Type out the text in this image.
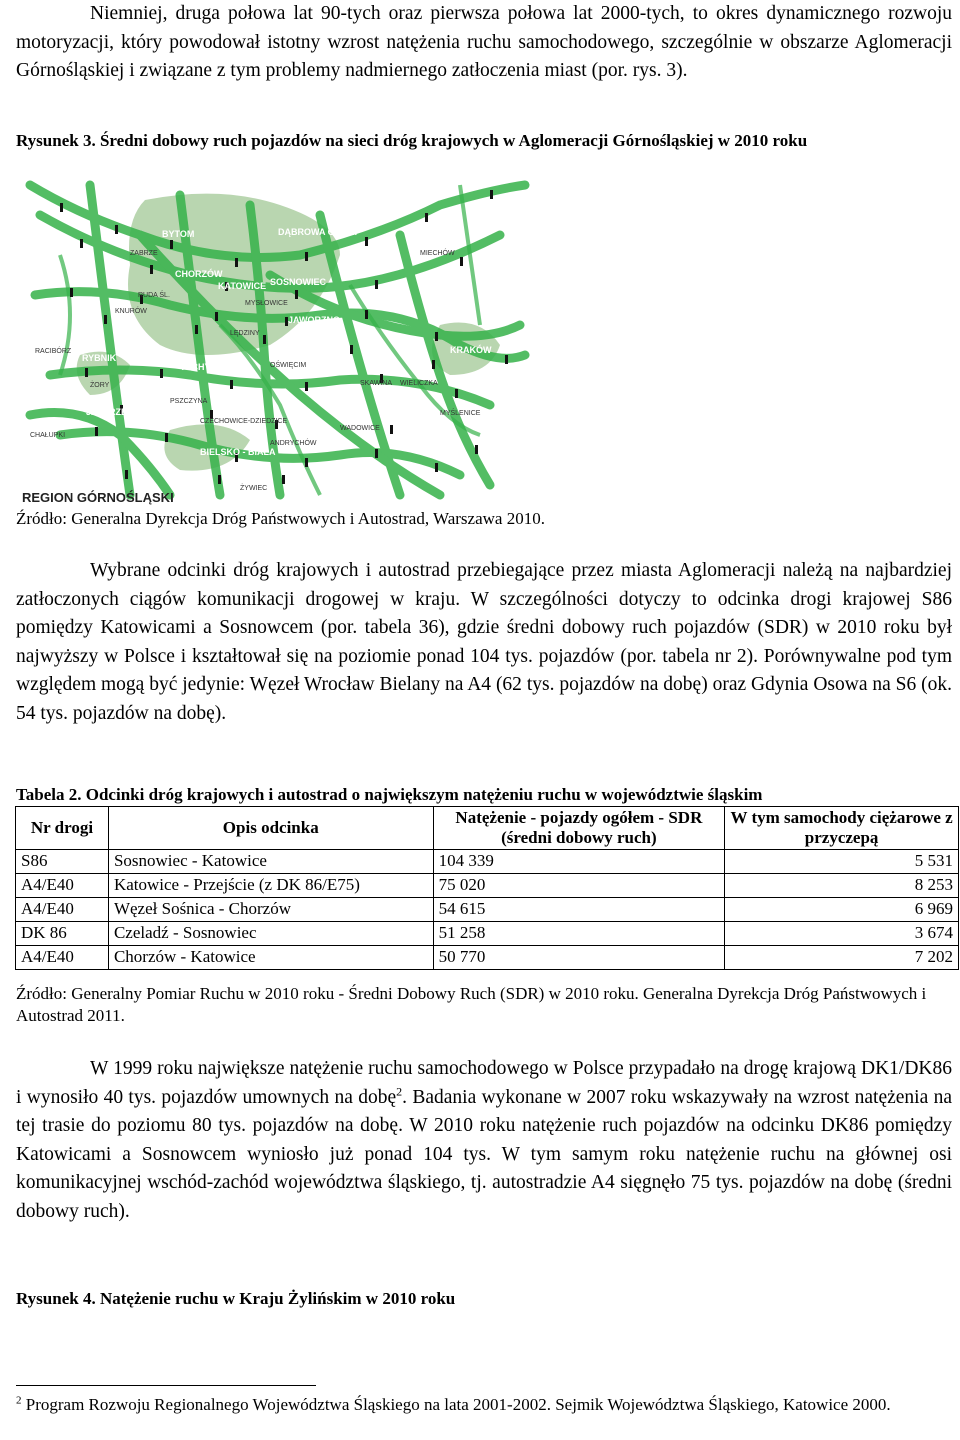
Niemniej, druga połowa lat 90-tych oraz pierwsza połowa lat 2000-tych, to okres dynamicznego rozwoju motoryzacji, który powodował istotny wzrost natężenia ruchu samochodowego, szczególnie w obszarze Aglomeracji Górnośląskiej i związane z tym problemy nadmiernego zatłoczenia miast (por. rys. 3).
Rysunek 3. Średni dobowy ruch pojazdów na sieci dróg krajowych w Aglomeracji Górnośląskiej w 2010 roku
BYTOM	DĄBROWA GÓRN.
CHORZÓW
KATOWICE SOSNOWIEC
JAWORZNO
RYBNIK
TYCHY
KRAKÓW
JASTRZĘBIE ZDRÓJ
BIELSKO - BIAŁA
CIESZYN
CHAŁUPKI
SKAWINA WIELICZKA
ZABRZE
RUDA ŚL.
MIECHÓW
OŚWIĘCIM
ŻORY
PSZCZYNA
CZECHOWICE-DZIEDZICE
ANDRYCHÓW
MYSŁOWICE
LĘDZINY
KNURÓW
RACIBÓRZ
ŻYWIEC
MYŚLENICE
WADOWICE
REGION GÓRNOŚLĄSKI
Źródło: Generalna Dyrekcja Dróg Państwowych i Autostrad, Warszawa 2010.
Wybrane odcinki dróg krajowych i autostrad przebiegające przez miasta Aglomeracji należą na najbardziej zatłoczonych ciągów komunikacji drogowej w kraju. W szczególności dotyczy to odcinka drogi krajowej S86 pomiędzy Katowicami a Sosnowcem (por. tabela 36), gdzie średni dobowy ruch pojazdów (SDR) w 2010 roku był najwyższy w Polsce i kształtował się na poziomie ponad 104 tys. pojazdów (por. tabela nr 2). Porównywalne pod tym względem mogą być jedynie: Węzeł Wrocław Bielany na A4 (62 tys. pojazdów na dobę) oraz Gdynia Osowa na S6 (ok. 54 tys. pojazdów na dobę).
Tabela 2. Odcinki dróg krajowych i autostrad o największym natężeniu ruchu w województwie śląskim
Nr drogi	Opis odcinka	Natężenie - pojazdy ogółem - SDR (średni dobowy ruch)	W tym samochody ciężarowe z przyczepą
S86	Sosnowiec - Katowice	104 339	5 531
A4/E40	Katowice - Przejście (z DK 86/E75)	75 020	8 253
A4/E40	Węzeł Sośnica - Chorzów	54 615	6 969
DK 86	Czeladź - Sosnowiec	51 258	3 674
A4/E40	Chorzów - Katowice	50 770	7 202
Źródło: Generalny Pomiar Ruchu w 2010 roku - Średni Dobowy Ruch (SDR) w 2010 roku. Generalna Dyrekcja Dróg Państwowych i Autostrad 2011.
W 1999 roku największe natężenie ruchu samochodowego w Polsce przypadało na drogę krajową DK1/DK86 i wynosiło 40 tys. pojazdów umownych na dobę$^2$. Badania wykonane w 2007 roku wskazywały na wzrost natężenia na tej trasie do poziomu 80 tys. pojazdów na dobę. W 2010 roku natężenie ruch pojazdów na odcinku DK86 pomiędzy Katowicami a Sosnowcem wyniosło już ponad 104 tys. W tym samym roku natężenie ruchu na głównej osi komunikacyjnej wschód-zachód województwa śląskiego, tj. autostradzie A4 sięgnęło 75 tys. pojazdów na dobę (średni dobowy ruch).
Rysunek 4. Natężenie ruchu w Kraju Żylińskim w 2010 roku
$^2$ Program Rozwoju Regionalnego Województwa Śląskiego na lata 2001-2002. Sejmik Województwa Śląskiego, Katowice 2000.
